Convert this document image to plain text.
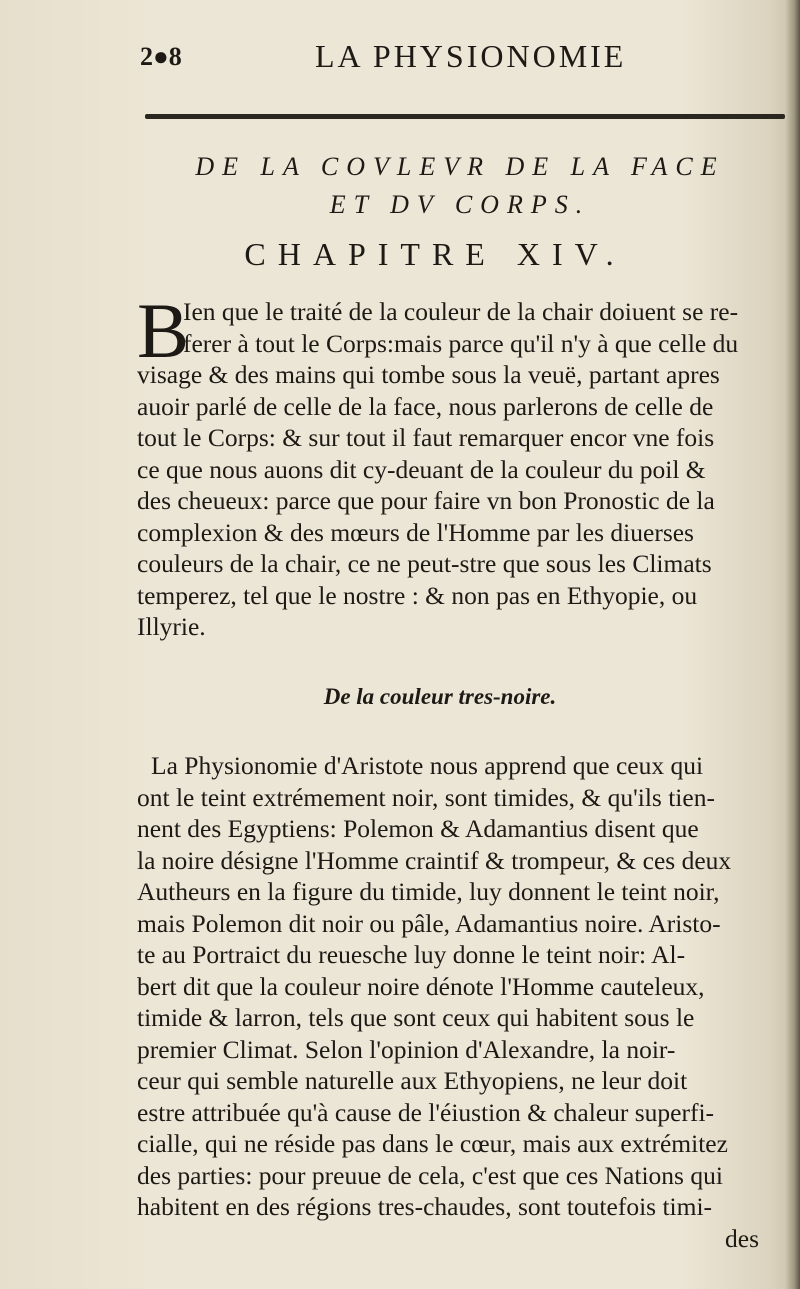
2●8	LA PHYSIONOMIE
DE LA COVLEVR DE LA FACE
ET DV CORPS.
CHAPITRE XIV.
B
Ien que le traité de la couleur de la chair doiuent se re-
ferer à tout le Corps:mais parce qu'il n'y à que celle du
visage & des mains qui tombe sous la veuë, partant apres
auoir parlé de celle de la face, nous parlerons de celle de
tout le Corps: & sur tout il faut remarquer encor vne fois
ce que nous auons dit cy-deuant de la couleur du poil &
des cheueux: parce que pour faire vn bon Pronostic de la
complexion & des mœurs de l'Homme par les diuerses
couleurs de la chair, ce ne peut-stre que sous les Climats
temperez, tel que le nostre : & non pas en Ethyopie, ou
Illyrie.
De la couleur tres-noire.
La Physionomie d'Aristote nous apprend que ceux qui
ont le teint extrémement noir, sont timides, & qu'ils tien-
nent des Egyptiens: Polemon & Adamantius disent que
la noire désigne l'Homme craintif & trompeur, & ces deux
Autheurs en la figure du timide, luy donnent le teint noir,
mais Polemon dit noir ou pâle, Adamantius noire. Aristo-
te au Portraict du reuesche luy donne le teint noir: Al-
bert dit que la couleur noire dénote l'Homme cauteleux,
timide & larron, tels que sont ceux qui habitent sous le
premier Climat. Selon l'opinion d'Alexandre, la noir-
ceur qui semble naturelle aux Ethyopiens, ne leur doit
estre attribuée qu'à cause de l'éiustion & chaleur superfi-
cialle, qui ne réside pas dans le cœur, mais aux extrémitez
des parties: pour preuue de cela, c'est que ces Nations qui
habitent en des régions tres-chaudes, sont toutefois timi-
des
